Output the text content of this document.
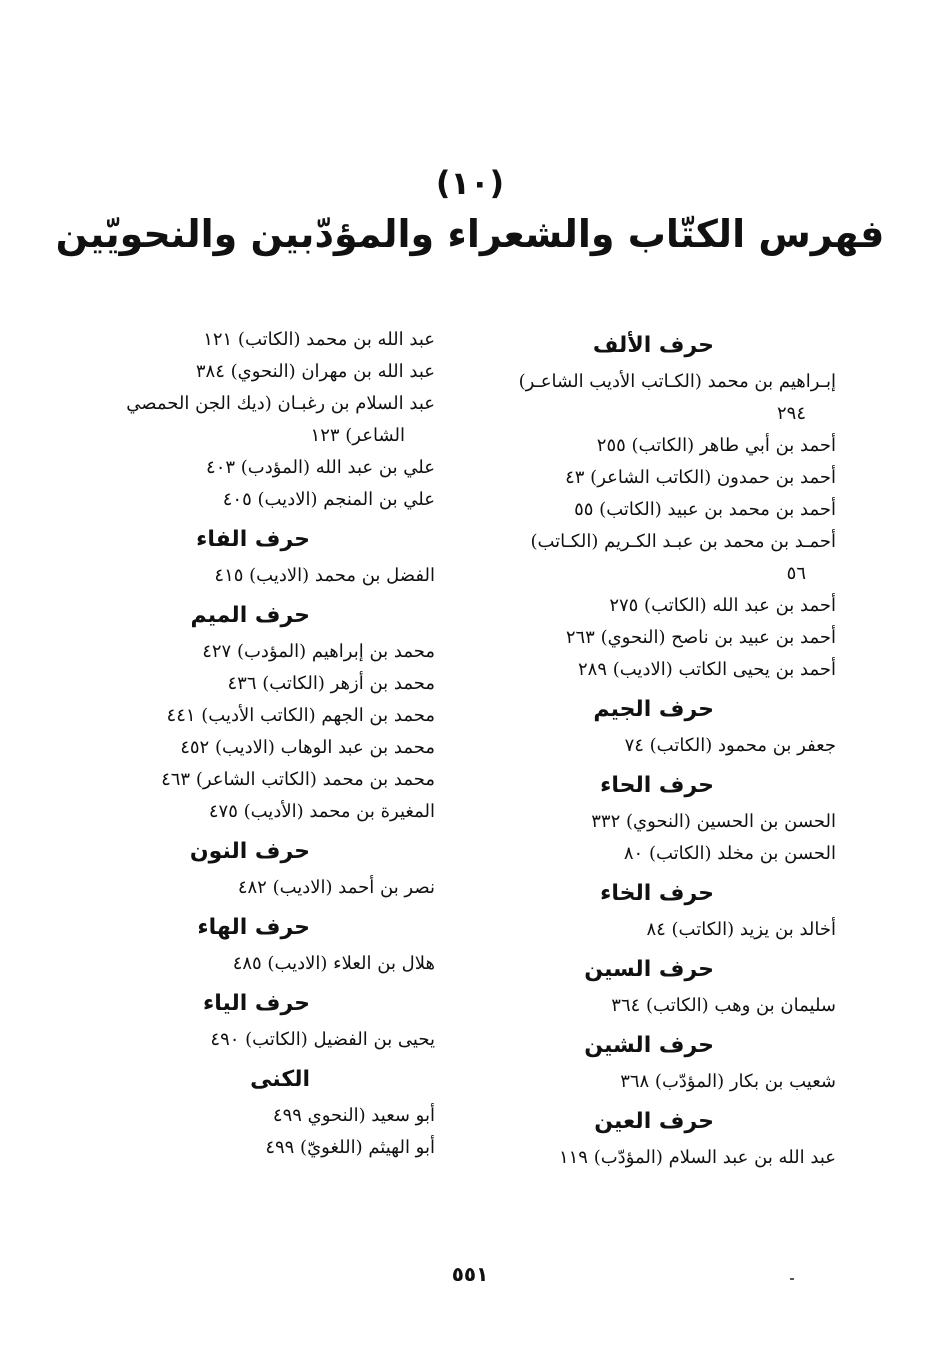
(١٠)
فهرس الكتّاب والشعراء والمؤدّبين والنحويّين
حرف الألف
إبـراهيم بن محمد (الكـاتب الأديب الشاعـر)
٢٩٤
أحمد بن أبي طاهر (الكاتب) ٢٥٥
أحمد بن حمدون (الكاتب الشاعر) ٤٣
أحمد بن محمد بن عبيد (الكاتب) ٥٥
أحمـد بن محمد بن عبـد الكـريم (الكـاتب)
٥٦
أحمد بن عبد الله (الكاتب) ٢٧٥
أحمد بن عبيد بن ناصح (النحوي) ٢٦٣
أحمد بن يحيى الكاتب (الاديب) ٢٨٩
حرف الجيم
جعفر بن محمود (الكاتب) ٧٤
حرف الحاء
الحسن بن الحسين (النحوي) ٣٣٢
الحسن بن مخلد (الكاتب) ٨٠
حرف الخاء
أخالد بن يزيد (الكاتب) ٨٤
حرف السين
سليمان بن وهب (الكاتب) ٣٦٤
حرف الشين
شعيب بن بكار (المؤدّب) ٣٦٨
حرف العين
عبد الله بن عبد السلام (المؤدّب) ١١٩
عبد الله بن محمد (الكاتب) ١٢١
عبد الله بن مهران (النحوي) ٣٨٤
عبد السلام بن رغبـان (ديك الجن الحمصي
الشاعر) ١٢٣
علي بن عبد الله (المؤدب) ٤٠٣
علي بن المنجم (الاديب) ٤٠٥
حرف الفاء
الفضل بن محمد (الاديب) ٤١٥
حرف الميم
محمد بن إبراهيم (المؤدب) ٤٢٧
محمد بن أزهر (الكاتب) ٤٣٦
محمد بن الجهم (الكاتب الأديب) ٤٤١
محمد بن عبد الوهاب (الاديب) ٤٥٢
محمد بن محمد (الكاتب الشاعر) ٤٦٣
المغيرة بن محمد (الأديب) ٤٧٥
حرف النون
نصر بن أحمد (الاديب) ٤٨٢
حرف الهاء
هلال بن العلاء (الاديب) ٤٨٥
حرف الياء
يحيى بن الفضيل (الكاتب) ٤٩٠
الكنى
أبو سعيد (النحوي ٤٩٩
أبو الهيثم (اللغويّ) ٤٩٩
٥٥١
